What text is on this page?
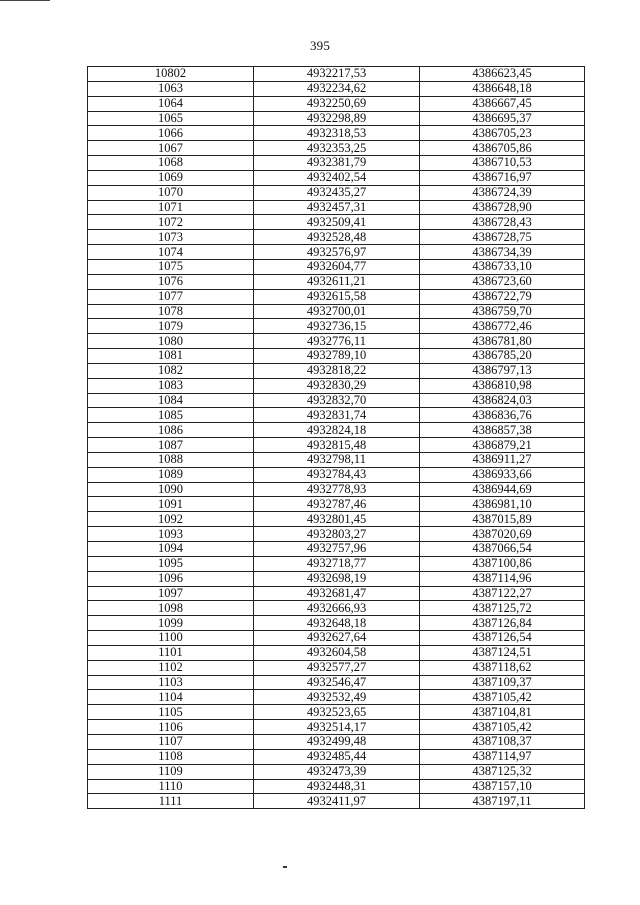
395
10802	4932217,53	4386623,45
1063	4932234,62	4386648,18
1064	4932250,69	4386667,45
1065	4932298,89	4386695,37
1066	4932318,53	4386705,23
1067	4932353,25	4386705,86
1068	4932381,79	4386710,53
1069	4932402,54	4386716,97
1070	4932435,27	4386724,39
1071	4932457,31	4386728,90
1072	4932509,41	4386728,43
1073	4932528,48	4386728,75
1074	4932576,97	4386734,39
1075	4932604,77	4386733,10
1076	4932611,21	4386723,60
1077	4932615,58	4386722,79
1078	4932700,01	4386759,70
1079	4932736,15	4386772,46
1080	4932776,11	4386781,80
1081	4932789,10	4386785,20
1082	4932818,22	4386797,13
1083	4932830,29	4386810,98
1084	4932832,70	4386824,03
1085	4932831,74	4386836,76
1086	4932824,18	4386857,38
1087	4932815,48	4386879,21
1088	4932798,11	4386911,27
1089	4932784,43	4386933,66
1090	4932778,93	4386944,69
1091	4932787,46	4386981,10
1092	4932801,45	4387015,89
1093	4932803,27	4387020,69
1094	4932757,96	4387066,54
1095	4932718,77	4387100,86
1096	4932698,19	4387114,96
1097	4932681,47	4387122,27
1098	4932666,93	4387125,72
1099	4932648,18	4387126,84
1100	4932627,64	4387126,54
1101	4932604,58	4387124,51
1102	4932577,27	4387118,62
1103	4932546,47	4387109,37
1104	4932532,49	4387105,42
1105	4932523,65	4387104,81
1106	4932514,17	4387105,42
1107	4932499,48	4387108,37
1108	4932485,44	4387114,97
1109	4932473,39	4387125,32
1110	4932448,31	4387157,10
1111	4932411,97	4387197,11
